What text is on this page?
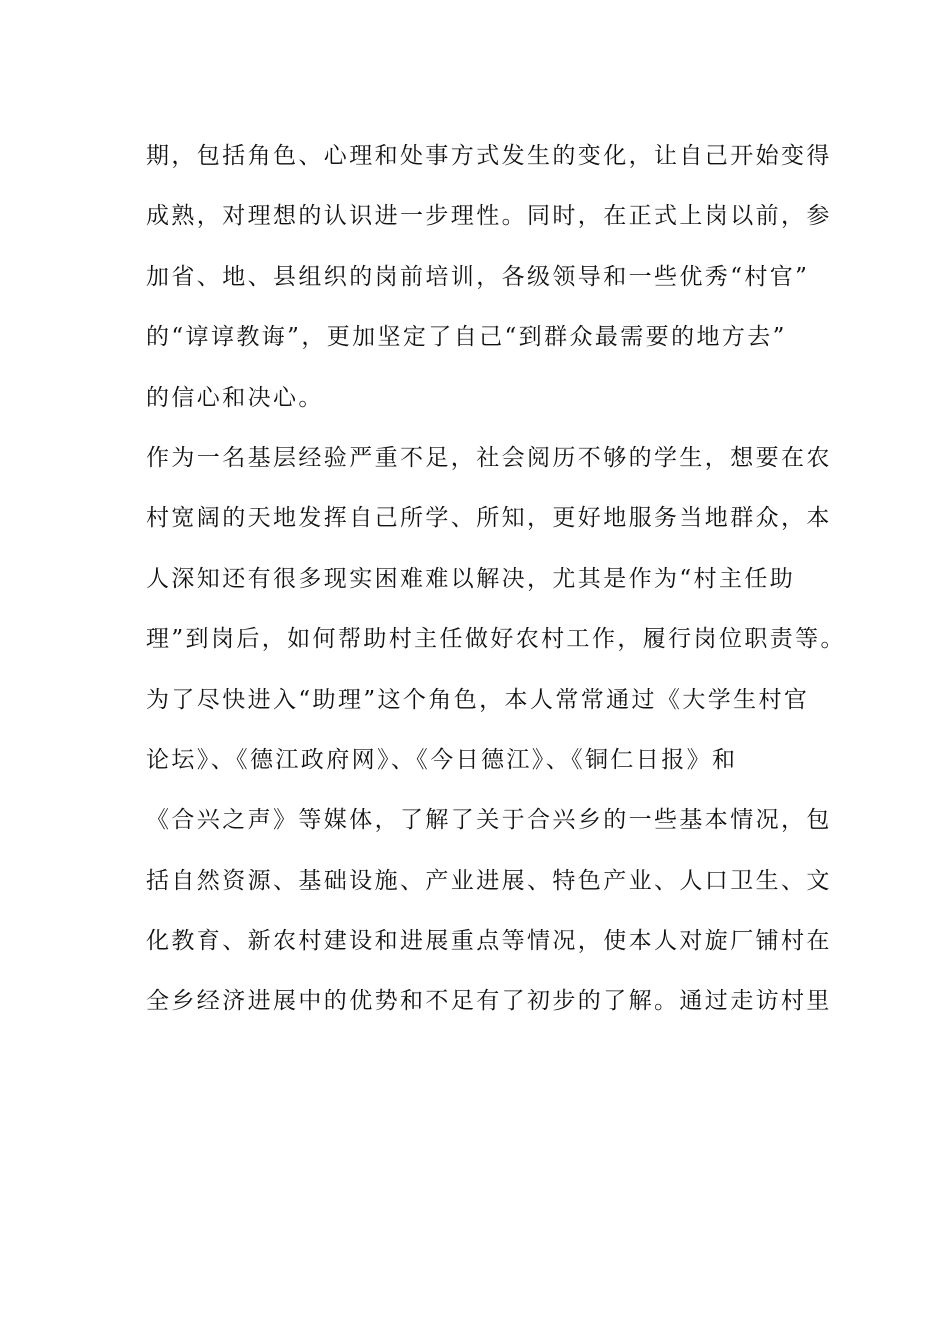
期，包括角色、心理和处事方式发生的变化，让自己开始变得
成熟，对理想的认识进一步理性。同时，在正式上岗以前，参
加省、地、县组织的岗前培训，各级领导和一些优秀“村官”
的“谆谆教诲”，更加坚定了自己“到群众最需要的地方去”
的信心和决心。
作为一名基层经验严重不足，社会阅历不够的学生，想要在农
村宽阔的天地发挥自己所学、所知，更好地服务当地群众，本
人深知还有很多现实困难难以解决，尤其是作为“村主任助
理”到岗后，如何帮助村主任做好农村工作，履行岗位职责等。
为了尽快进入“助理”这个角色，本人常常通过《大学生村官
论坛》、《德江政府网》、《今日德江》、《铜仁日报》和
《合兴之声》等媒体，了解了关于合兴乡的一些基本情况，包
括自然资源、基础设施、产业进展、特色产业、人口卫生、文
化教育、新农村建设和进展重点等情况，使本人对旋厂铺村在
全乡经济进展中的优势和不足有了初步的了解。通过走访村里
